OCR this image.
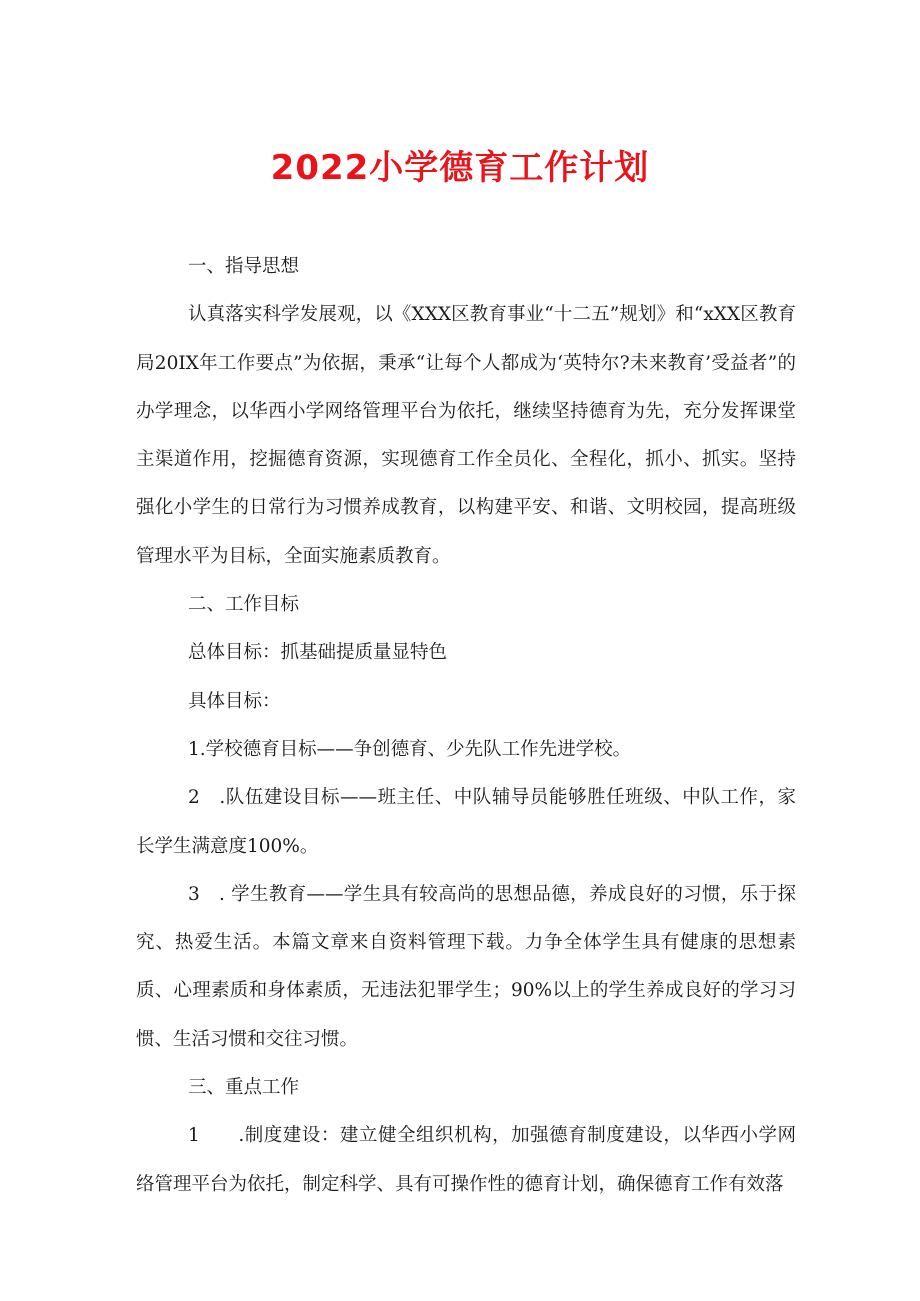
2022小学德育工作计划

一、指导思想

认真落实科学发展观，以《XXX区教育事业“十二五”规划》和“xXX区教育局20IX年工作要点”为依据，秉承“让每个人都成为‘英特尔?未来教育’受益者”的办学理念，以华西小学网络管理平台为依托，继续坚持德育为先，充分发挥课堂主渠道作用，挖掘德育资源，实现德育工作全员化、全程化，抓小、抓实。坚持强化小学生的日常行为习惯养成教育，以构建平安、和谐、文明校园，提高班级管理水平为目标，全面实施素质教育。

二、工作目标

总体目标：抓基础提质量显特色

具体目标：

1.学校德育目标——争创德育、少先队工作先进学校。

2　.队伍建设目标——班主任、中队辅导员能够胜任班级、中队工作，家长学生满意度100%。

3　. 学生教育——学生具有较高尚的思想品德，养成良好的习惯，乐于探究、热爱生活。本篇文章来自资料管理下载。力争全体学生具有健康的思想素质、心理素质和身体素质，无违法犯罪学生；90%以上的学生养成良好的学习习惯、生活习惯和交往习惯。

三、重点工作

1　　.制度建设：建立健全组织机构，加强德育制度建设，以华西小学网络管理平台为依托，制定科学、具有可操作性的德育计划，确保德育工作有效落
